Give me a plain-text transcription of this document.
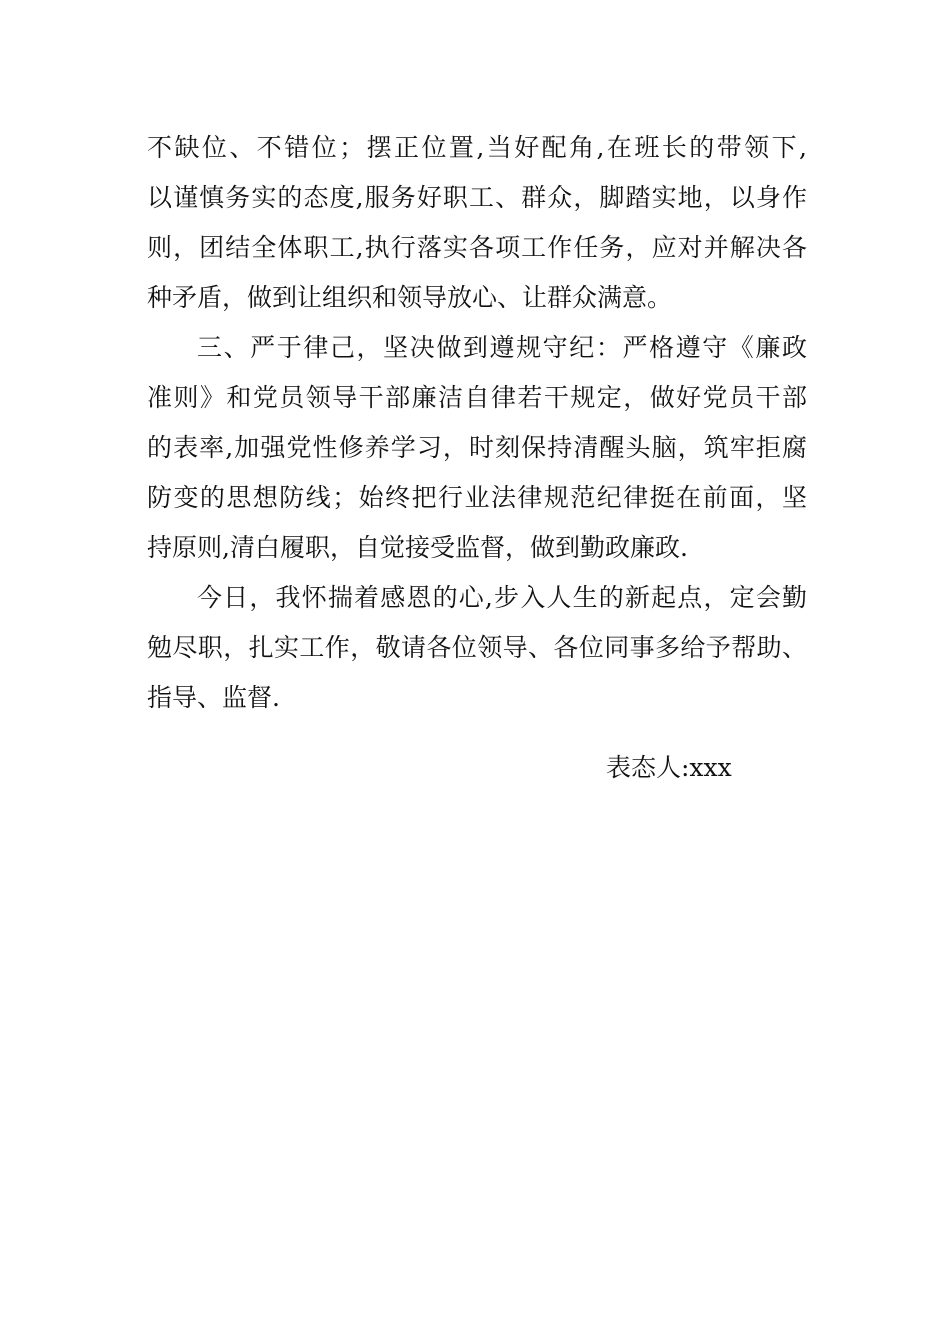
不缺位、不错位；摆正位置,当好配角,在班长的带领下,
以谨慎务实的态度,服务好职工、群众，脚踏实地，以身作
则，团结全体职工,执行落实各项工作任务，应对并解决各
种矛盾，做到让组织和领导放心、让群众满意。
三、严于律己，坚决做到遵规守纪：严格遵守《廉政
准则》和党员领导干部廉洁自律若干规定，做好党员干部
的表率,加强党性修养学习，时刻保持清醒头脑，筑牢拒腐
防变的思想防线；始终把行业法律规范纪律挺在前面，坚
持原则,清白履职，自觉接受监督，做到勤政廉政.
今日，我怀揣着感恩的心,步入人生的新起点，定会勤
勉尽职，扎实工作，敬请各位领导、各位同事多给予帮助、
指导、监督.
表态人:xxx
